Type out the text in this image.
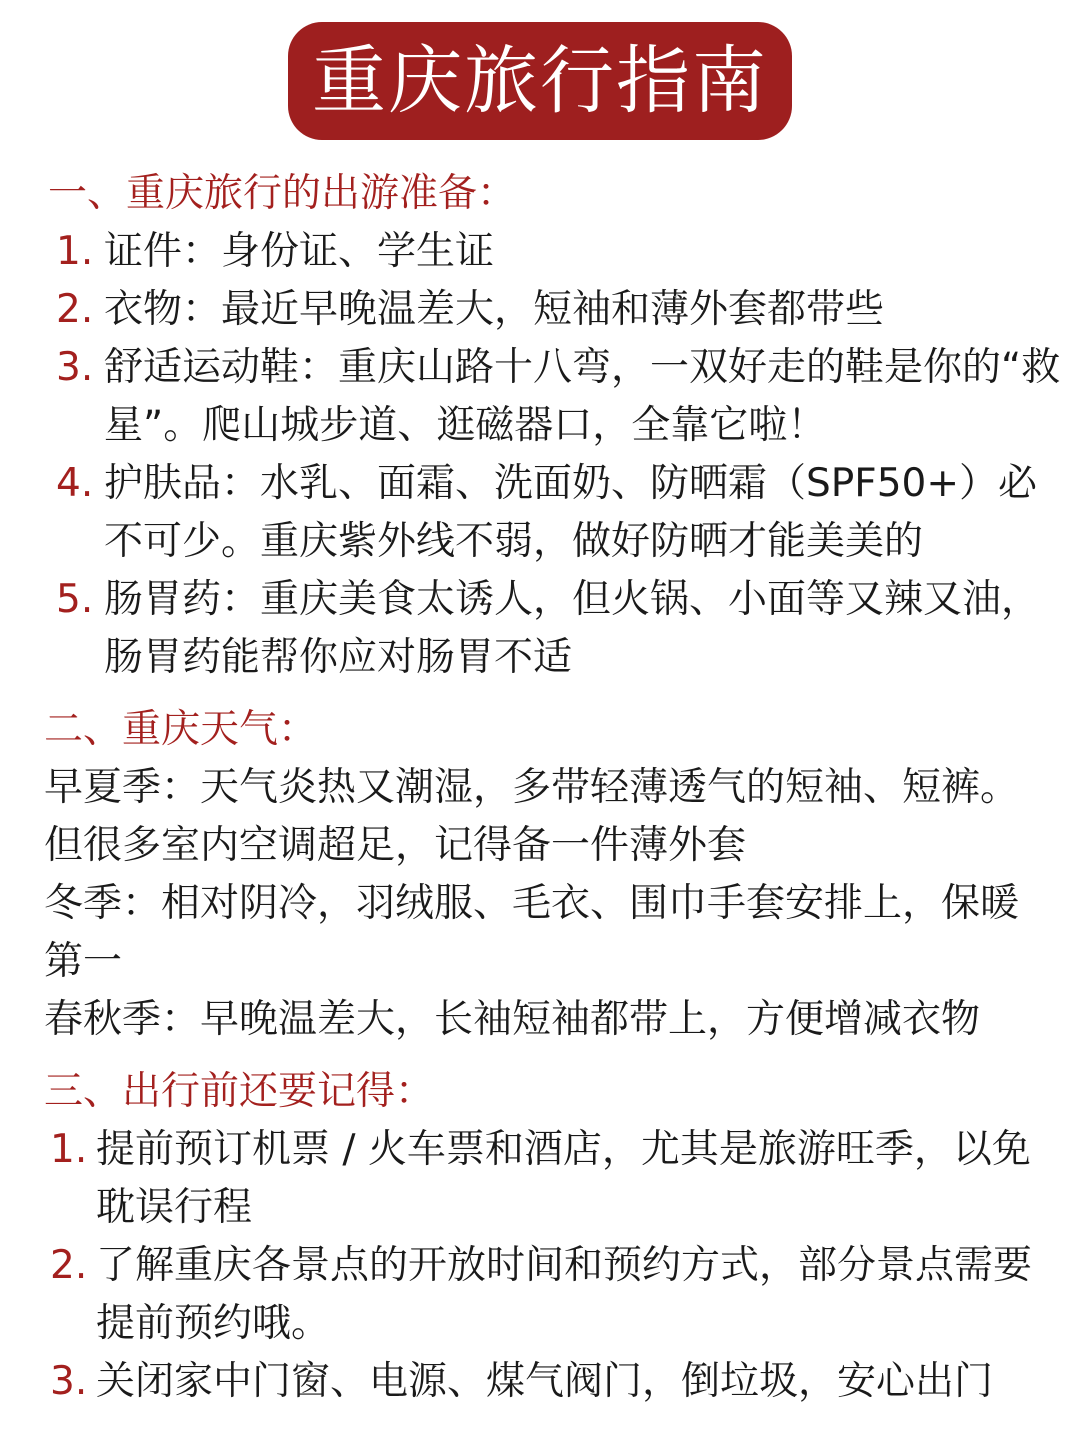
重庆旅行指南
一、重庆旅行的出游准备：
1. 证件：身份证、学生证
2. 衣物：最近早晚温差大，短袖和薄外套都带些
3. 舒适运动鞋：重庆山路十八弯，一双好走的鞋是你的“救星”。爬山城步道、逛磁器口，全靠它啦！
4. 护肤品：水乳、面霜、洗面奶、防晒霜（SPF50+）必不可少。重庆紫外线不弱，做好防晒才能美美的
5. 肠胃药：重庆美食太诱人，但火锅、小面等又辣又油，肠胃药能帮你应对肠胃不适
二、重庆天气：

早夏季：天气炎热又潮湿，多带轻薄透气的短袖、短裤。但很多室内空调超足，记得备一件薄外套

冬季：相对阴冷，羽绒服、毛衣、围巾手套安排上，保暖第一

春秋季：早晚温差大，长袖短袖都带上，方便增减衣物

三、出行前还要记得：
1. 提前预订机票 / 火车票和酒店，尤其是旅游旺季，以免耽误行程
2. 了解重庆各景点的开放时间和预约方式，部分景点需要提前预约哦。
3. 关闭家中门窗、电源、煤气阀门，倒垃圾，安心出门
